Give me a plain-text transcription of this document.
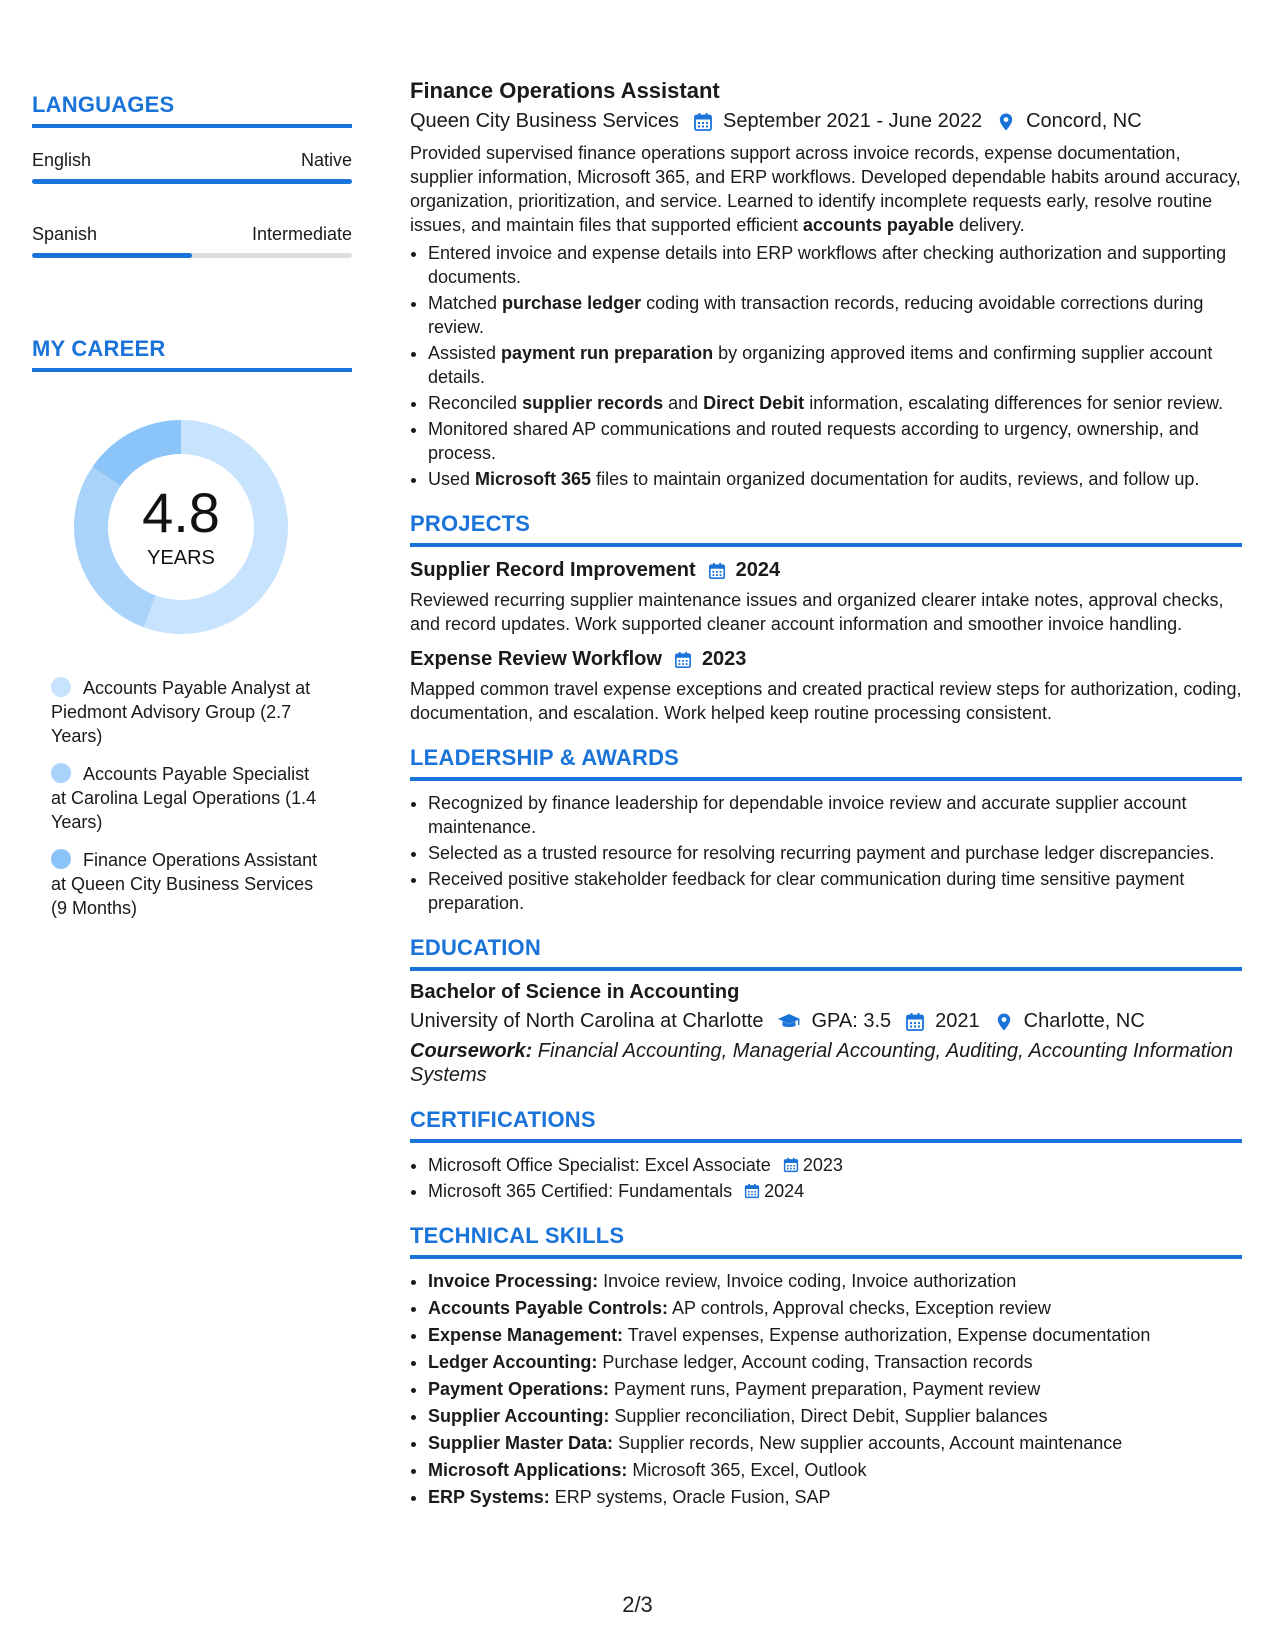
LANGUAGES
English	Native
Spanish	Intermediate
MY CAREER
4.8
YEARS
Accounts Payable Analyst at Piedmont Advisory Group (2.7 Years)
Accounts Payable Specialist at Carolina Legal Operations (1.4 Years)
Finance Operations Assistant at Queen City Business Services (9 Months)
Finance Operations Assistant
Queen City Business Services September 2021 - June 2022 Concord, NC

Provided supervised finance operations support across invoice records, expense documentation, supplier information, Microsoft 365, and ERP workflows. Developed dependable habits around accuracy, organization, prioritization, and service. Learned to identify incomplete requests early, resolve routine issues, and maintain files that supported efficient accounts payable delivery.

• Entered invoice and expense details into ERP workflows after checking authorization and supporting documents.
• Matched purchase ledger coding with transaction records, reducing avoidable corrections during review.
• Assisted payment run preparation by organizing approved items and confirming supplier account details.
• Reconciled supplier records and Direct Debit information, escalating differences for senior review.
• Monitored shared AP communications and routed requests according to urgency, ownership, and process.
• Used Microsoft 365 files to maintain organized documentation for audits, reviews, and follow up.
PROJECTS
Supplier Record Improvement 2024

Reviewed recurring supplier maintenance issues and organized clearer intake notes, approval checks, and record updates. Work supported cleaner account information and smoother invoice handling.

Expense Review Workflow 2023

Mapped common travel expense exceptions and created practical review steps for authorization, coding, documentation, and escalation. Work helped keep routine processing consistent.

LEADERSHIP & AWARDS
• Recognized by finance leadership for dependable invoice review and accurate supplier account maintenance.
• Selected as a trusted resource for resolving recurring payment and purchase ledger discrepancies.
• Received positive stakeholder feedback for clear communication during time sensitive payment preparation.
EDUCATION
Bachelor of Science in Accounting
University of North Carolina at Charlotte GPA: 3.5 2021 Charlotte, NC

Coursework: Financial Accounting, Managerial Accounting, Auditing, Accounting Information Systems

CERTIFICATIONS
• Microsoft Office Specialist: Excel Associate 2023
• Microsoft 365 Certified: Fundamentals 2024
TECHNICAL SKILLS
• Invoice Processing: Invoice review, Invoice coding, Invoice authorization
• Accounts Payable Controls: AP controls, Approval checks, Exception review
• Expense Management: Travel expenses, Expense authorization, Expense documentation
• Ledger Accounting: Purchase ledger, Account coding, Transaction records
• Payment Operations: Payment runs, Payment preparation, Payment review
• Supplier Accounting: Supplier reconciliation, Direct Debit, Supplier balances
• Supplier Master Data: Supplier records, New supplier accounts, Account maintenance
• Microsoft Applications: Microsoft 365, Excel, Outlook
• ERP Systems: ERP systems, Oracle Fusion, SAP
2/3
